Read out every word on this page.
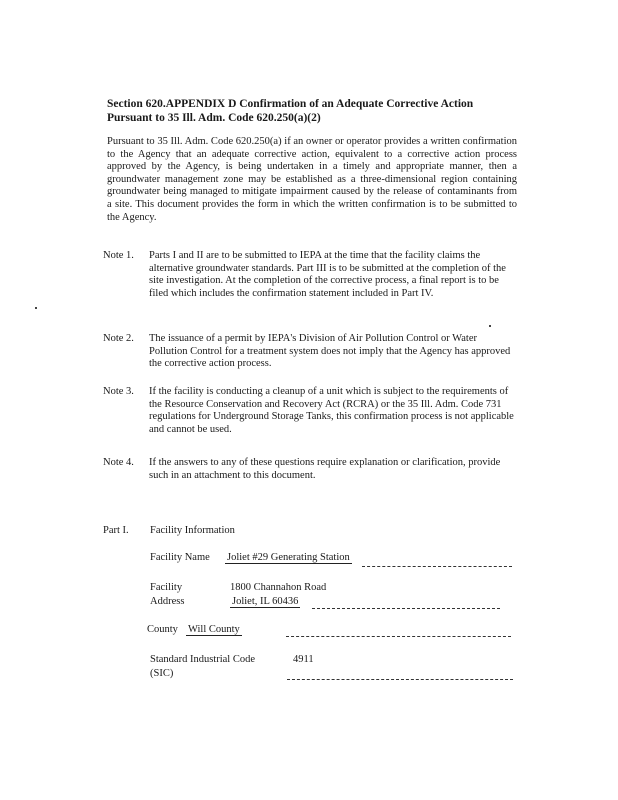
Section 620.APPENDIX D Confirmation of an Adequate Corrective Action
Pursuant to 35 Ill. Adm. Code 620.250(a)(2)
Pursuant to 35 Ill. Adm. Code 620.250(a) if an owner or operator provides a written confirmation to the Agency that an adequate corrective action, equivalent to a corrective action process approved by the Agency, is being undertaken in a timely and appropriate manner, then a groundwater management zone may be established as a three-dimensional region containing groundwater being managed to mitigate impairment caused by the release of contaminants from a site. This document provides the form in which the written confirmation is to be submitted to the Agency.
Note 1. Parts I and II are to be submitted to IEPA at the time that the facility claims the alternative groundwater standards. Part III is to be submitted at the completion of the site investigation. At the completion of the corrective process, a final report is to be filed which includes the confirmation statement included in Part IV.
Note 2. The issuance of a permit by IEPA's Division of Air Pollution Control or Water Pollution Control for a treatment system does not imply that the Agency has approved the corrective action process.
Note 3. If the facility is conducting a cleanup of a unit which is subject to the requirements of the Resource Conservation and Recovery Act (RCRA) or the 35 Ill. Adm. Code 731 regulations for Underground Storage Tanks, this confirmation process is not applicable and cannot be used.
Note 4. If the answers to any of these questions require explanation or clarification, provide such in an attachment to this document.
Part I. Facility Information
Facility Name Joliet #29 Generating Station
Facility
Address
1800 Channahon Road
Joliet, IL 60436
County Will County
Standard Industrial Code
(SIC)
4911
